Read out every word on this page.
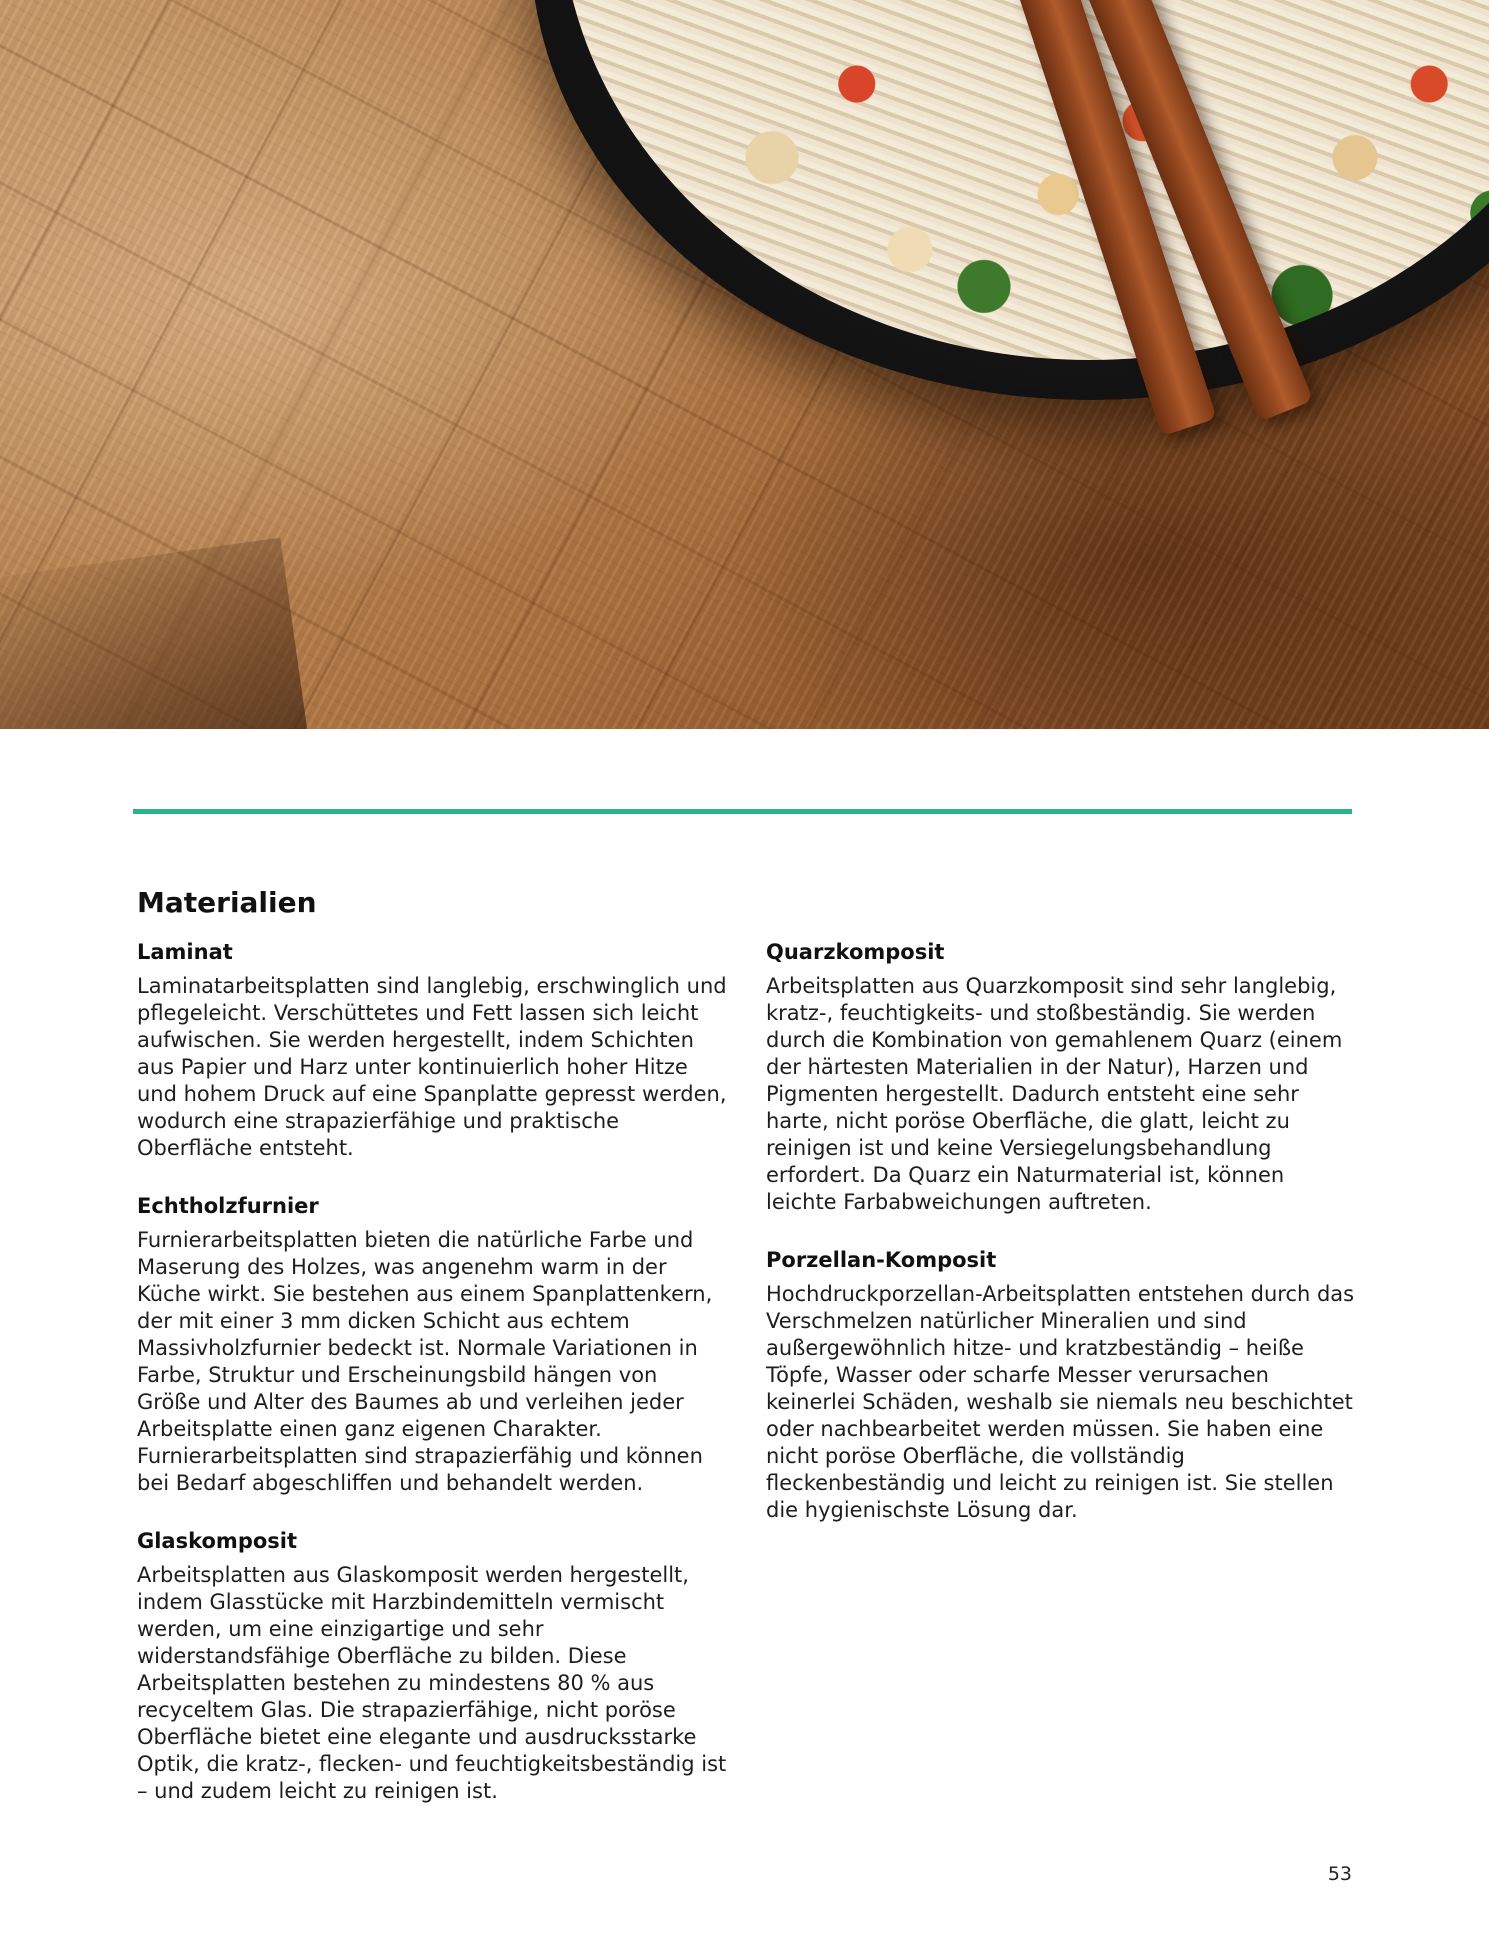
Materialien
Laminat

Laminatarbeitsplatten sind langlebig, erschwinglich und pflegeleicht. Verschüttetes und Fett lassen sich leicht aufwischen. Sie werden hergestellt, indem Schichten aus Papier und Harz unter kontinuierlich hoher Hitze und hohem Druck auf eine Spanplatte gepresst werden, wodurch eine strapazierfähige und praktische Oberfläche entsteht.

Echtholzfurnier

Furnierarbeitsplatten bieten die natürliche Farbe und Maserung des Holzes, was angenehm warm in der Küche wirkt. Sie bestehen aus einem Spanplattenkern, der mit einer 3 mm dicken Schicht aus echtem Massivholzfurnier bedeckt ist. Normale Variationen in Farbe, Struktur und Erscheinungsbild hängen von Größe und Alter des Baumes ab und verleihen jeder Arbeitsplatte einen ganz eigenen Charakter. Furnierarbeitsplatten sind strapazierfähig und können bei Bedarf abgeschliffen und behandelt werden.

Glaskomposit

Arbeitsplatten aus Glaskomposit werden hergestellt, indem Glasstücke mit Harzbindemitteln vermischt werden, um eine einzigartige und sehr widerstandsfähige Oberfläche zu bilden. Diese Arbeitsplatten bestehen zu mindestens 80 % aus recyceltem Glas. Die strapazierfähige, nicht poröse Oberfläche bietet eine elegante und ausdrucksstarke Optik, die kratz-, flecken- und feuchtigkeitsbeständig ist – und zudem leicht zu reinigen ist.

Quarzkomposit

Arbeitsplatten aus Quarzkomposit sind sehr langlebig, kratz-, feuchtigkeits- und stoßbeständig. Sie werden durch die Kombination von gemahlenem Quarz (einem der härtesten Materialien in der Natur), Harzen und Pigmenten hergestellt. Dadurch entsteht eine sehr harte, nicht poröse Oberfläche, die glatt, leicht zu reinigen ist und keine Versiegelungsbehandlung erfordert. Da Quarz ein Naturmaterial ist, können leichte Farbabweichungen auftreten.

Porzellan-Komposit

Hochdruckporzellan-Arbeitsplatten entstehen durch das Verschmelzen natürlicher Mineralien und sind außergewöhnlich hitze- und kratzbeständig – heiße Töpfe, Wasser oder scharfe Messer verursachen keinerlei Schäden, weshalb sie niemals neu beschichtet oder nachbearbeitet werden müssen. Sie haben eine nicht poröse Oberfläche, die vollständig fleckenbeständig und leicht zu reinigen ist. Sie stellen die hygienischste Lösung dar.

53
